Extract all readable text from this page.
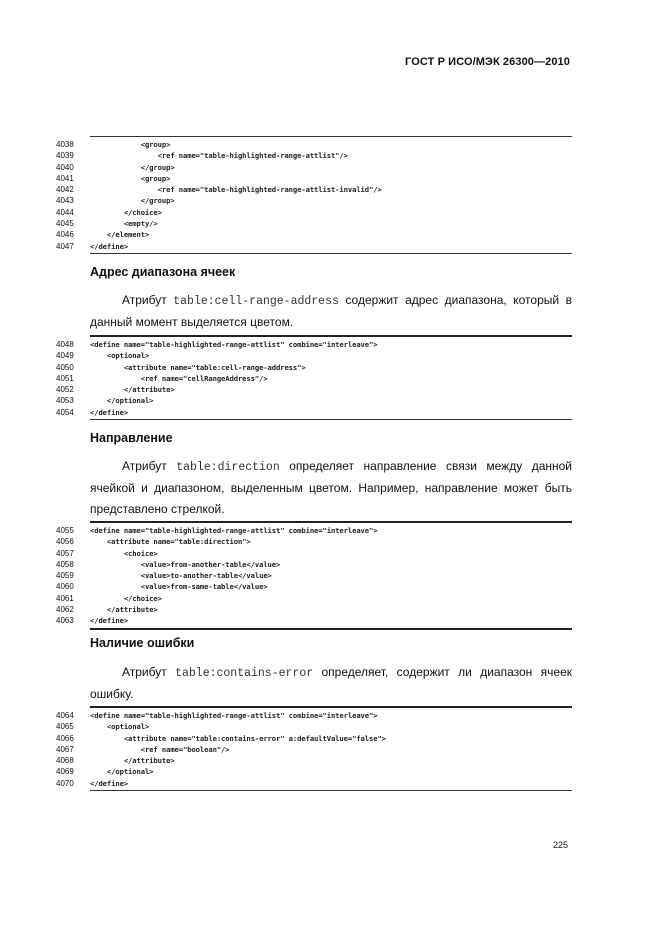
ГОСТ Р ИСО/МЭК 26300—2010
4038	<group>
4039	<ref name="table-highlighted-range-attlist"/>
4040	</group>
4041	<group>
4042	<ref name="table-highlighted-range-attlist-invalid"/>
4043	</group>
4044	</choice>
4045	<empty/>
4046	</element>
4047	</define>
Адрес диапазона ячеек

Атрибут table:cell-range-address содержит адрес диапазона, который в данный момент выделяется цветом.

4048	<define name="table-highlighted-range-attlist" combine="interleave">
4049	<optional>
4050	<attribute name="table:cell-range-address">
4051	<ref name="cellRangeAddress"/>
4052	</attribute>
4053	</optional>
4054	</define>
Направление

Атрибут table:direction определяет направление связи между данной ячейкой и диапазоном, выделенным цветом. Например, направление может быть представлено стрелкой.

4055	<define name="table-highlighted-range-attlist" combine="interleave">
4056	<attribute name="table:direction">
4057	<choice>
4058	<value>from-another-table</value>
4059	<value>to-another-table</value>
4060	<value>from-same-table</value>
4061	</choice>
4062	</attribute>
4063	</define>
Наличие ошибки

Атрибут table:contains-error определяет, содержит ли диапазон ячеек ошибку.

4064	<define name="table-highlighted-range-attlist" combine="interleave">
4065	<optional>
4066	<attribute name="table:contains-error" a:defaultValue="false">
4067	<ref name="boolean"/>
4068	</attribute>
4069	</optional>
4070	</define>
225
